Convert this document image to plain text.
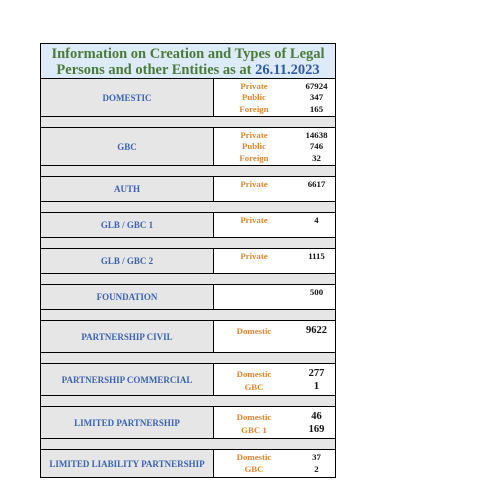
Information on Creation and Types of Legal
Persons and other Entities as at 26.11.2023
DOMESTIC
Private	67924
Public	347
Foreign	165
GBC
Private	14638
Public	746
Foreign	32
AUTH
Private	6617
GLB / GBC 1
Private	4
GLB / GBC 2
Private	1115
FOUNDATION
500
PARTNERSHIP CIVIL
Domestic	9622
PARTNERSHIP COMMERCIAL
Domestic	277
GBC	1
LIMITED PARTNERSHIP
Domestic	46
GBC 1	169
LIMITED LIABILITY PARTNERSHIP
Domestic	37
GBC	2
